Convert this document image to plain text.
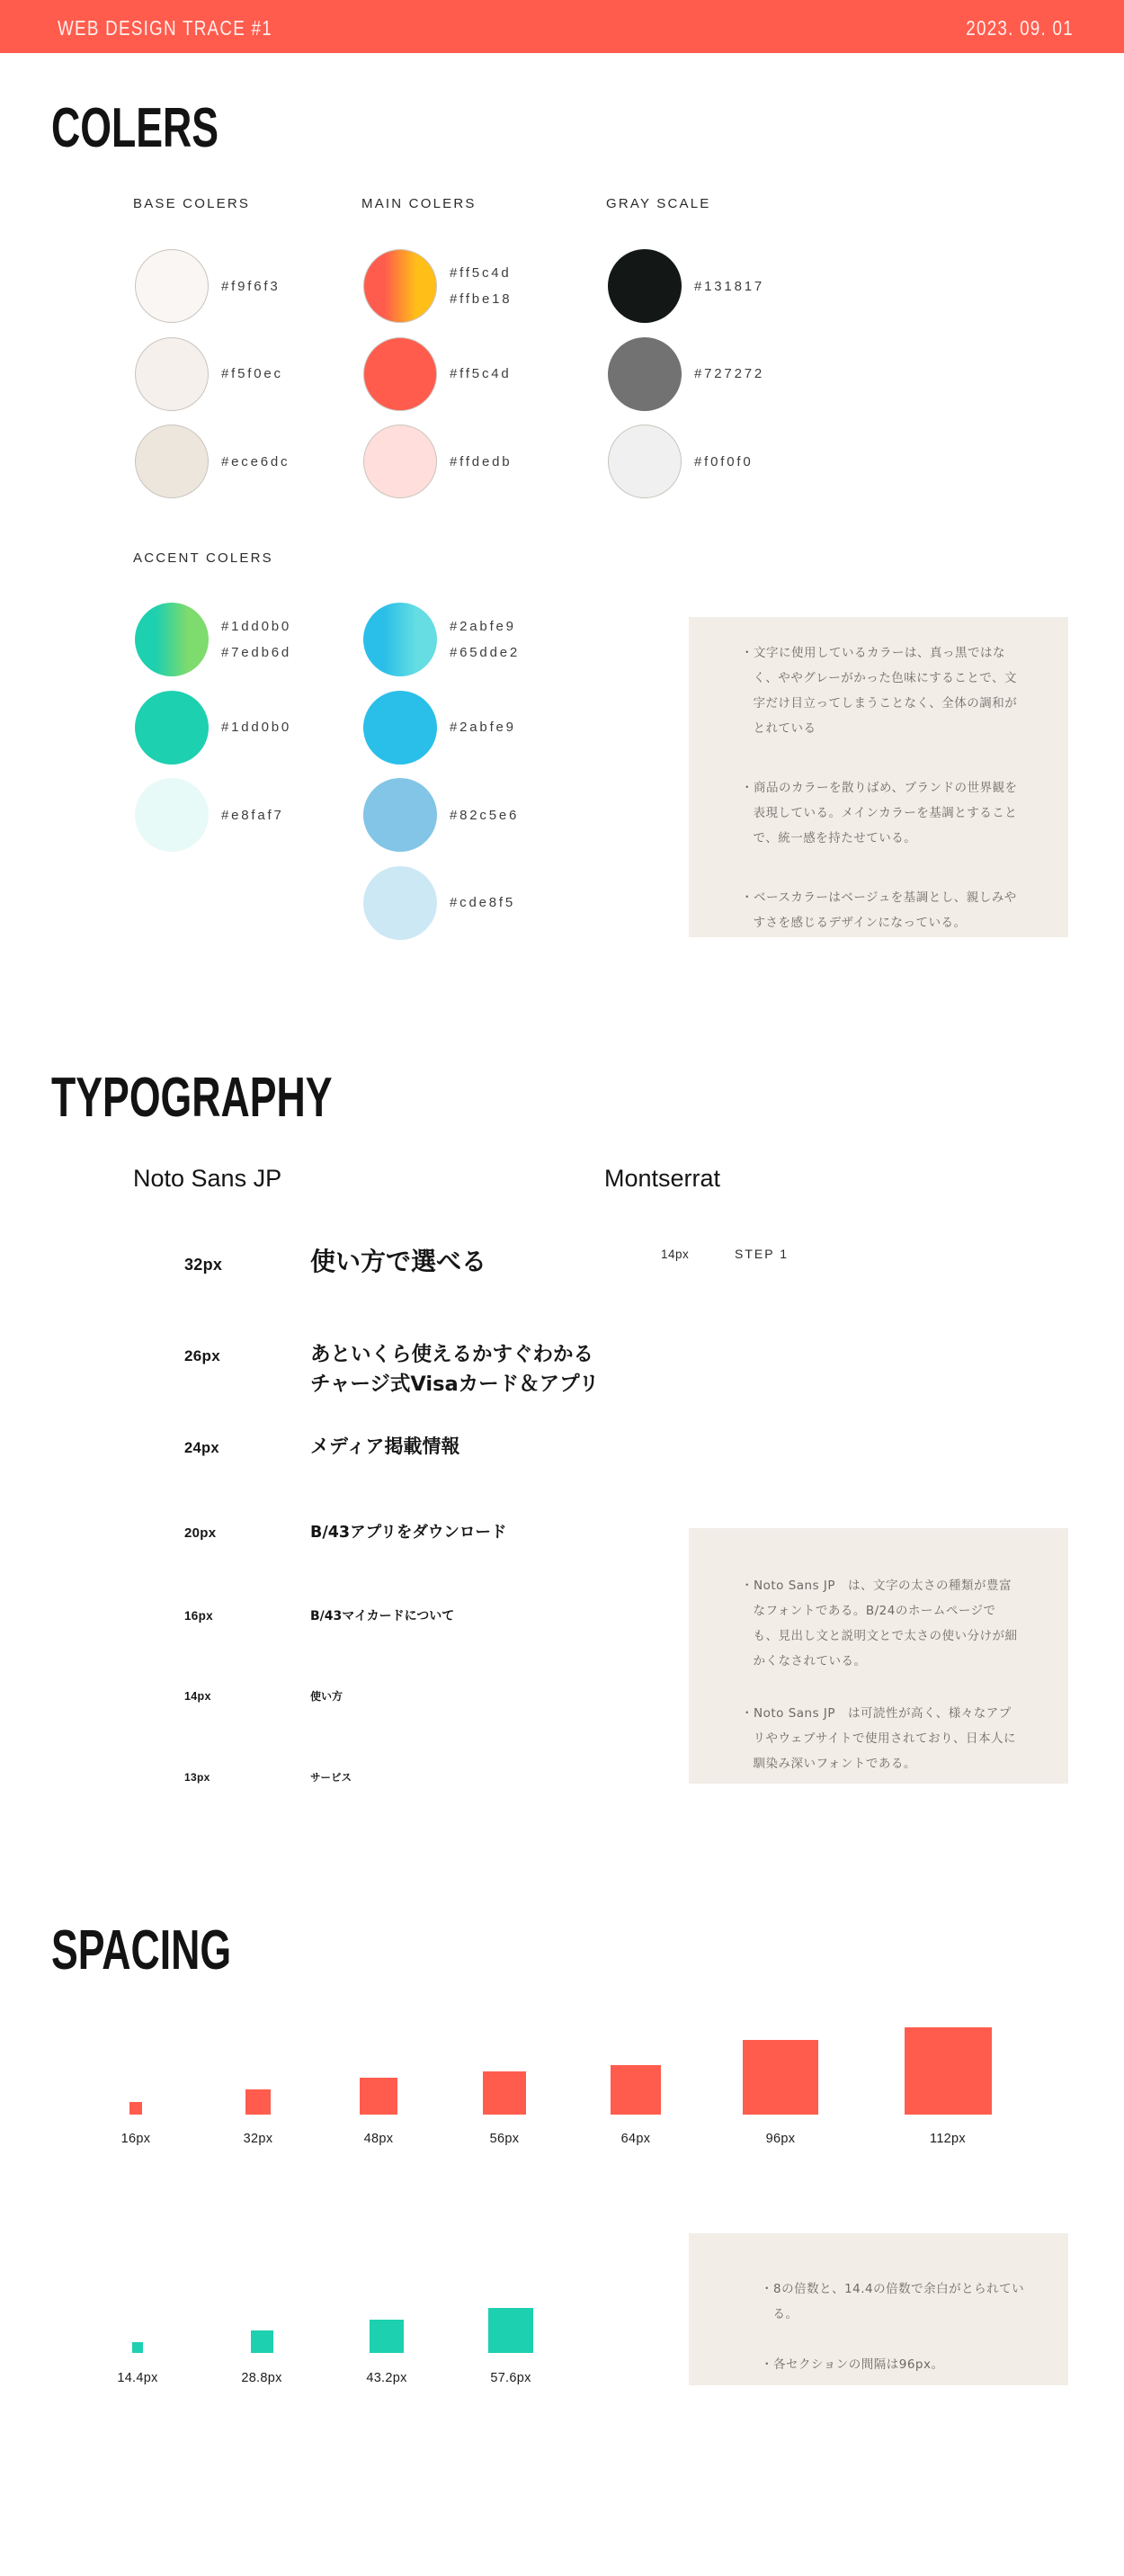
WEB DESIGN TRACE #1	2023. 09. 01
COLERS
BASE COLERS
#f9f6f3
#f5f0ec
#ece6dc
MAIN COLERS
#ff5c4d
#ffbe18
#ff5c4d
#ffdedb
GRAY SCALE
#131817
#727272
#f0f0f0
ACCENT COLERS
#1dd0b0
#7edb6d
#1dd0b0
#e8faf7
#2abfe9
#65dde2
#2abfe9
#82c5e6
#cde8f5
・文字に使用しているカラーは、真っ黒ではなく、ややグレーがかった色味にすることで、文字だけ目立ってしまうことなく、全体の調和がとれている
・商品のカラーを散りばめ、ブランドの世界観を表現している。メインカラーを基調とすることで、統一感を持たせている。
・ベースカラーはベージュを基調とし、親しみやすさを感じるデザインになっている。
TYPOGRAPHY
Noto Sans JP	Montserrat
32px	使い方で選べる
26px	あといくら使えるかすぐわかる
チャージ式Visaカード＆アプリ
24px	メディア掲載情報
20px	B/43アプリをダウンロード
16px	B/43マイカードについて
14px	使い方
13px	サービス
14px	STEP 1
・Noto Sans JP　は、文字の太さの種類が豊富なフォントである。B/24のホームページでも、見出し文と説明文とで太さの使い分けが細かくなされている。
・Noto Sans JP　は可読性が高く、様々なアプリやウェブサイトで使用されており、日本人に馴染み深いフォントである。
SPACING
16px	32px	48px	56px	64px	96px	112px
14.4px	28.8px	43.2px	57.6px
・8の倍数と、14.4の倍数で余白がとられている。
・各セクションの間隔は96px。
